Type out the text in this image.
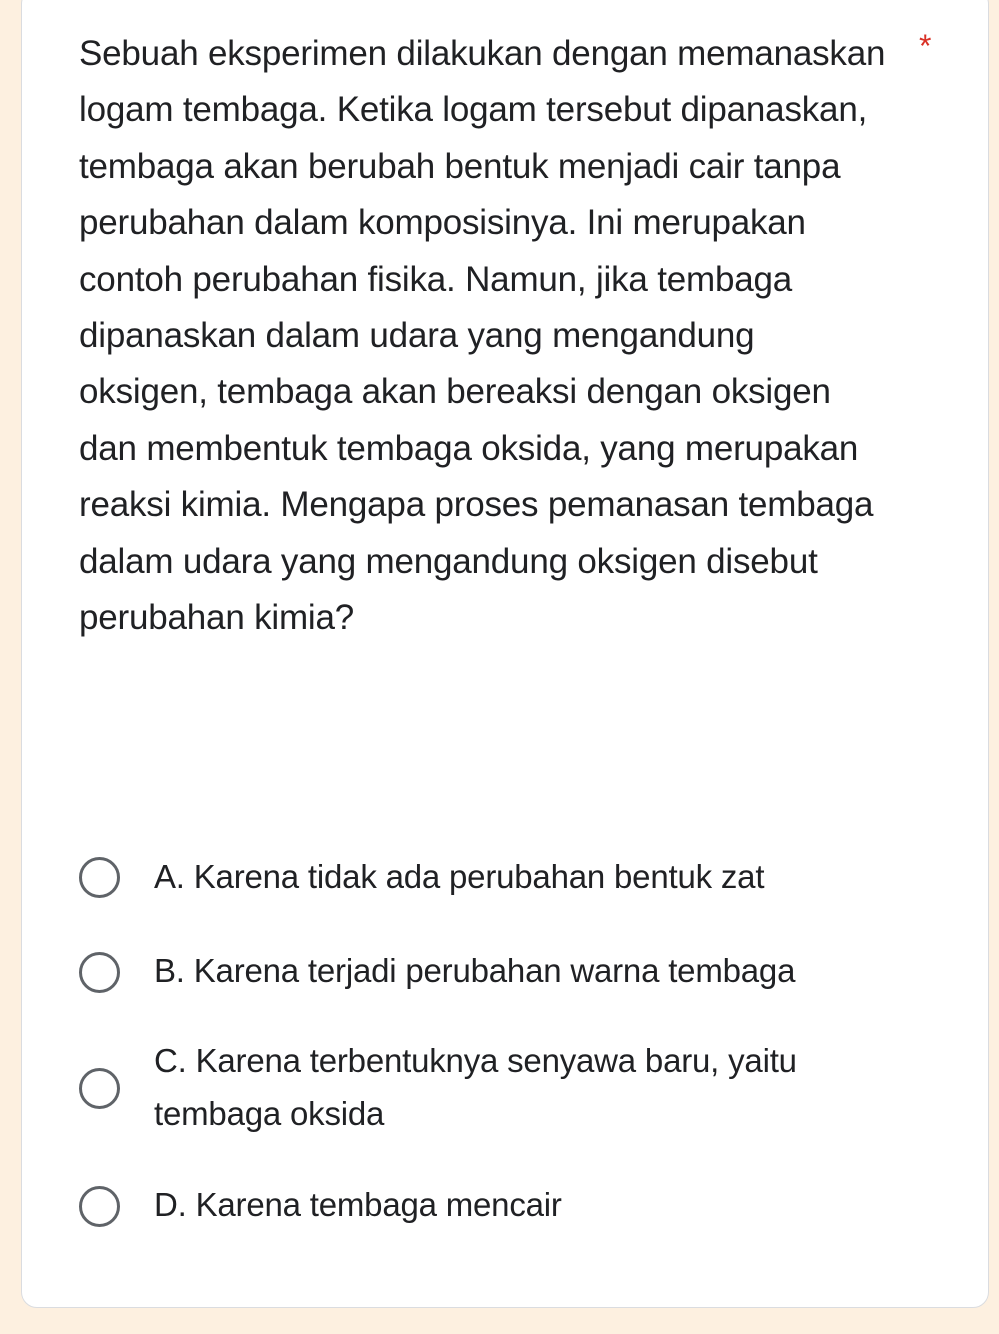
Sebuah eksperimen dilakukan dengan memanaskan logam tembaga. Ketika logam tersebut dipanaskan, tembaga akan berubah bentuk menjadi cair tanpa perubahan dalam komposisinya. Ini merupakan contoh perubahan fisika. Namun, jika tembaga dipanaskan dalam udara yang mengandung oksigen, tembaga akan bereaksi dengan oksigen dan membentuk tembaga oksida, yang merupakan reaksi kimia. Mengapa proses pemanasan tembaga dalam udara yang mengandung oksigen disebut perubahan kimia?

*
A. Karena tidak ada perubahan bentuk zat
B. Karena terjadi perubahan warna tembaga
C. Karena terbentuknya senyawa baru, yaitu tembaga oksida
D. Karena tembaga mencair
